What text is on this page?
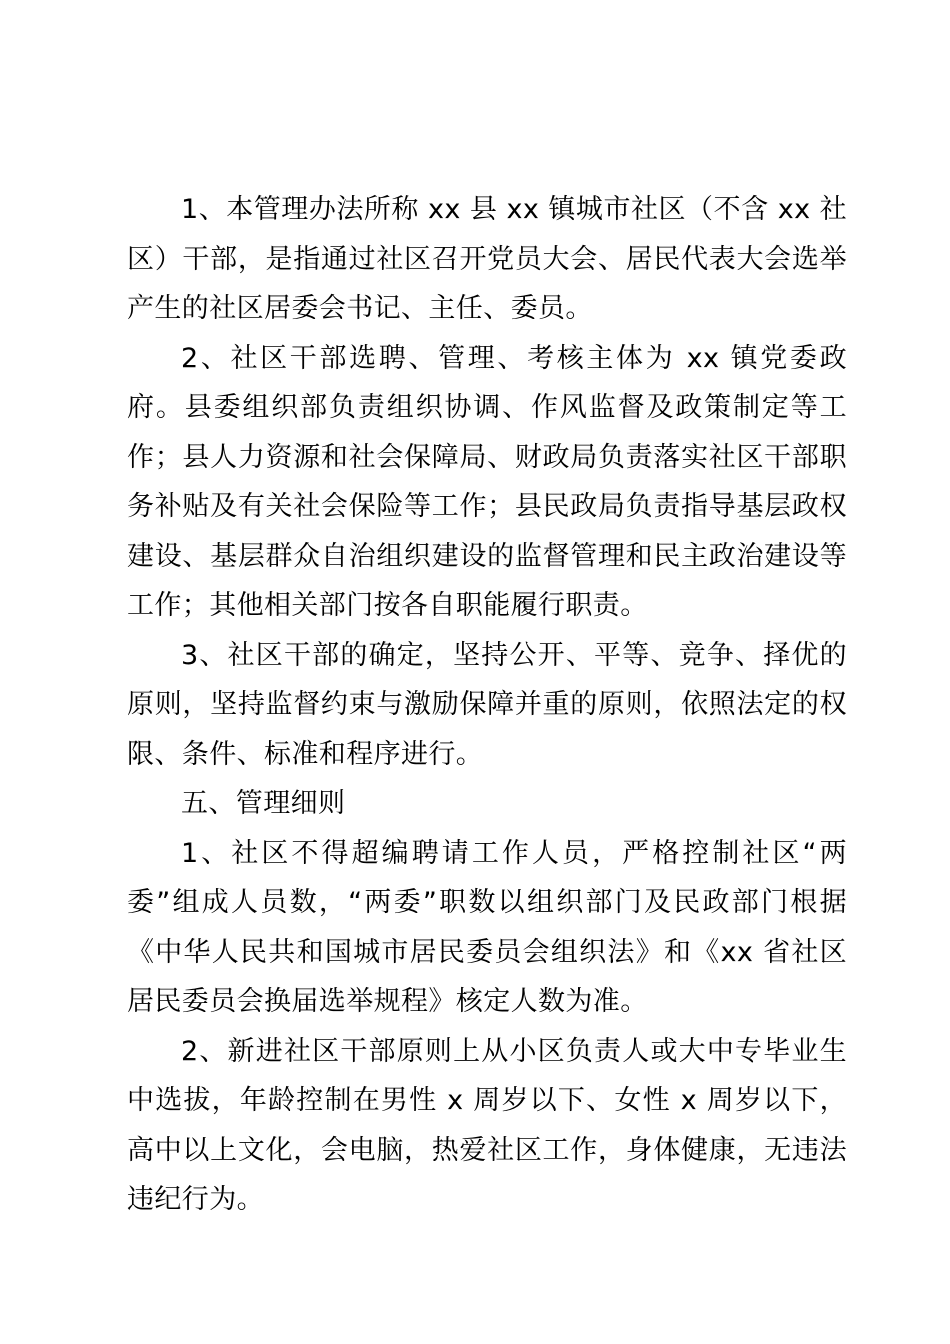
1、本管理办法所称 xx 县 xx 镇城市社区（不含 xx 社区）干部，是指通过社区召开党员大会、居民代表大会选举产生的社区居委会书记、主任、委员。

2、社区干部选聘、管理、考核主体为 xx 镇党委政府。县委组织部负责组织协调、作风监督及政策制定等工作；县人力资源和社会保障局、财政局负责落实社区干部职务补贴及有关社会保险等工作；县民政局负责指导基层政权建设、基层群众自治组织建设的监督管理和民主政治建设等工作；其他相关部门按各自职能履行职责。

3、社区干部的确定，坚持公开、平等、竞争、择优的原则，坚持监督约束与激励保障并重的原则，依照法定的权限、条件、标准和程序进行。

五、管理细则

1、社区不得超编聘请工作人员，严格控制社区“两委”组成人员数，“两委”职数以组织部门及民政部门根据《中华人民共和国城市居民委员会组织法》和《xx 省社区居民委员会换届选举规程》核定人数为准。

2、新进社区干部原则上从小区负责人或大中专毕业生中选拔，年龄控制在男性 x 周岁以下、女性 x 周岁以下，高中以上文化，会电脑，热爱社区工作，身体健康，无违法违纪行为。
